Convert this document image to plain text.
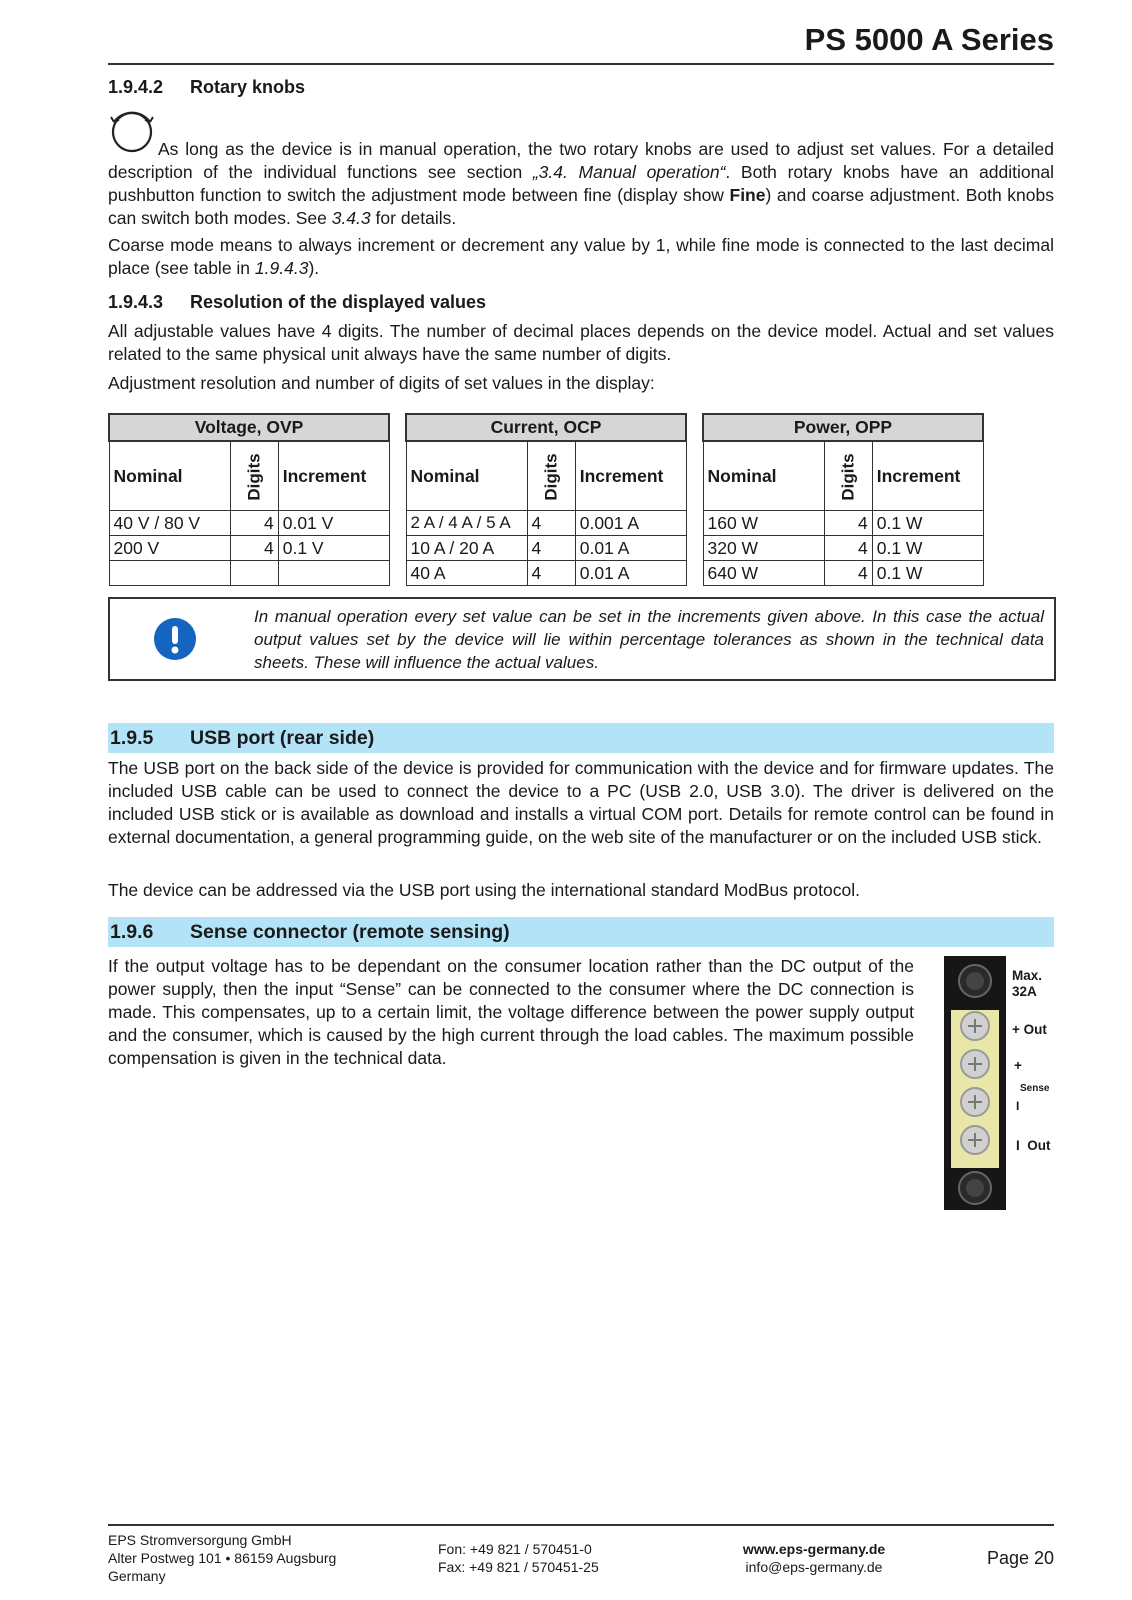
PS 5000 A Series
1.9.4.2 Rotary knobs
As long as the device is in manual operation, the two rotary knobs are used to adjust set values. For a detailed description of the individual functions see section „3.4. Manual operation“. Both rotary knobs have an additional pushbutton function to switch the adjustment mode between fine (display show Fine) and coarse adjustment. Both knobs can switch both modes. See 3.4.3 for details.
Coarse mode means to always increment or decrement any value by 1, while fine mode is connected to the last decimal place (see table in 1.9.4.3).
1.9.4.3 Resolution of the displayed values
All adjustable values have 4 digits. The number of decimal places depends on the device model. Actual and set values related to the same physical unit always have the same number of digits.
Adjustment resolution and number of digits of set values in the display:
Voltage, OVP		
Nominal	Digits	Increment
40 V / 80 V	4	0.01 V
200 V	4	0.1 V

Current, OCP		
Nominal	Digits	Increment
2 A / 4 A / 5 A	4	0.001 A
10 A / 20 A	4	0.01 A
40 A	4	0.01 A
Power, OPP		
Nominal	Digits	Increment
160 W	4	0.1 W
320 W	4	0.1 W
640 W	4	0.1 W
In manual operation every set value can be set in the increments given above. In this case the actual output values set by the device will lie within percentage tolerances as shown in the technical data sheets. These will influence the actual values.
1.9.5 USB port (rear side)
The USB port on the back side of the device is provided for communication with the device and for firmware updates. The included USB cable can be used to connect the device to a PC (USB 2.0, USB 3.0). The driver is delivered on the included USB stick or is available as download and installs a virtual COM port. Details for remote control can be found in external documentation, a general programming guide, on the web site of the manufacturer or on the included USB stick.
The device can be addressed via the USB port using the international standard ModBus protocol.
1.9.6 Sense connector (remote sensing)
If the output voltage has to be dependant on the consumer location rather than the DC output of the power supply, then the input “Sense” can be connected to the consumer where the DC connection is made. This compensates, up to a certain limit, the voltage difference between the power supply output and the consumer, which is caused by the high current through the load cables. The maximum possible compensation is given in the technical data.
Max.
32A
+ Out
+
Sense
I
I  Out
EPS Stromversorgung GmbH
Alter Postweg 101 • 86159 Augsburg
Germany
Fon: +49 821 / 570451-0
Fax: +49 821 / 570451-25
www.eps-germany.de
info@eps-germany.de	Page 20
